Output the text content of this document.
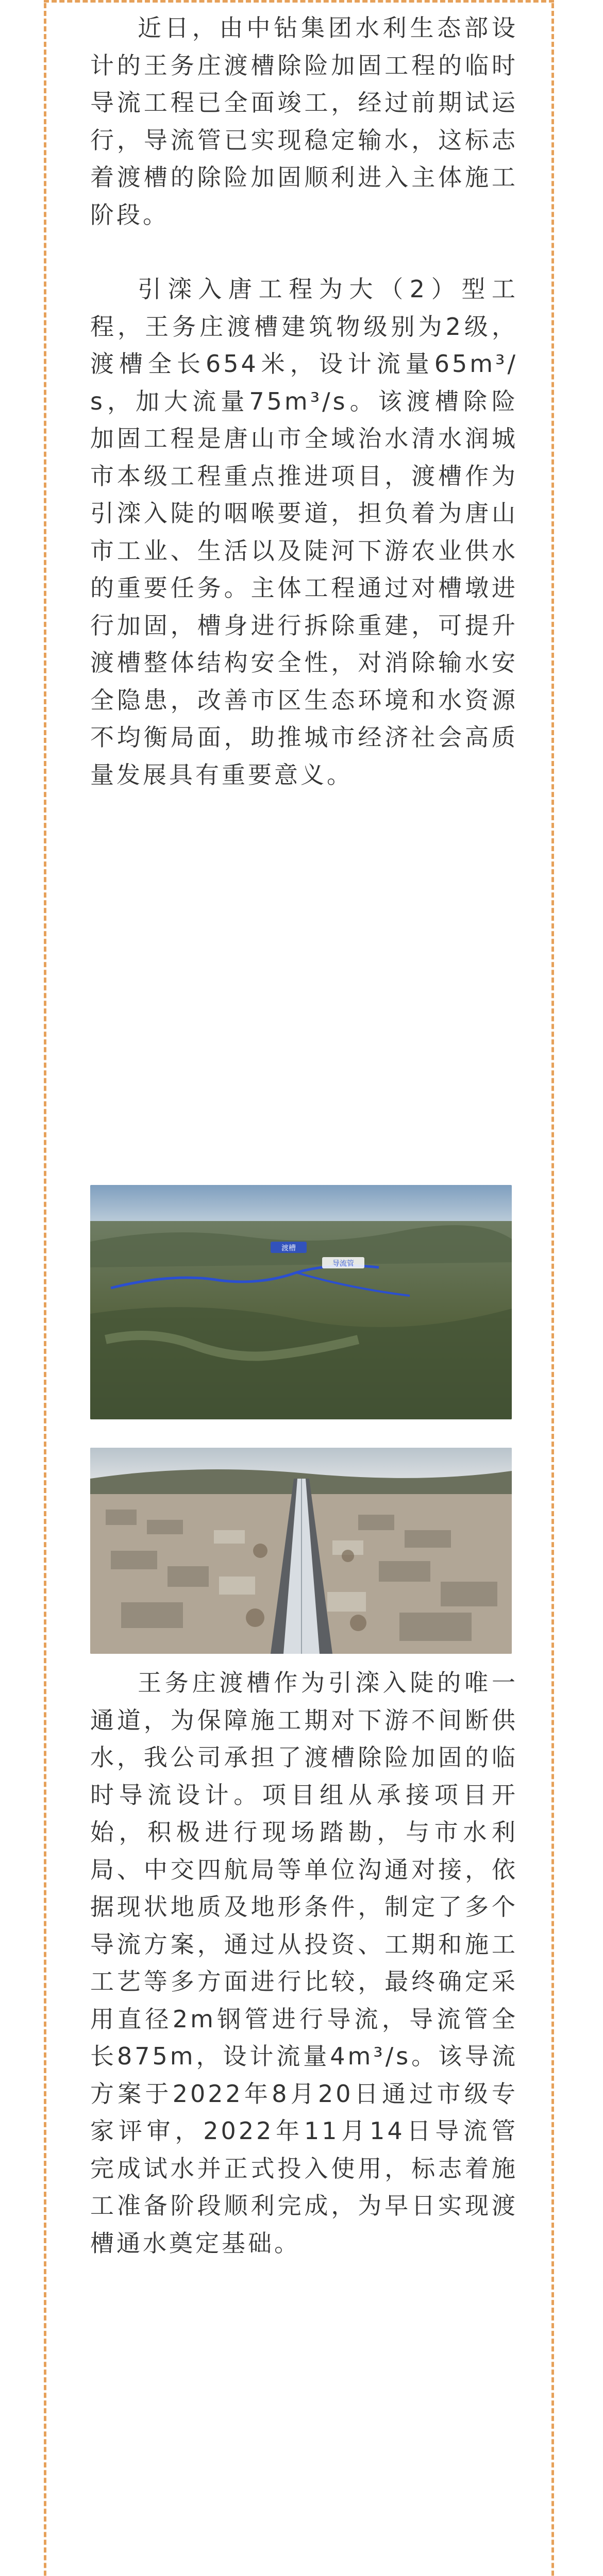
近日，由中钻集团水利生态部设计的王务庄渡槽除险加固工程的临时导流工程已全面竣工，经过前期试运行，导流管已实现稳定输水，这标志着渡槽的除险加固顺利进入主体施工阶段。

引滦入唐工程为大（2）型工程，王务庄渡槽建筑物级别为2级，渡槽全长654米，设计流量65m³/s，加大流量75m³/s。该渡槽除险加固工程是唐山市全域治水清水润城市本级工程重点推进项目，渡槽作为引滦入陡的咽喉要道，担负着为唐山市工业、生活以及陡河下游农业供水的重要任务。主体工程通过对槽墩进行加固，槽身进行拆除重建，可提升渡槽整体结构安全性，对消除输水安全隐患，改善市区生态环境和水资源不均衡局面，助推城市经济社会高质量发展具有重要意义。

渡槽
导流管

王务庄渡槽作为引滦入陡的唯一通道，为保障施工期对下游不间断供水，我公司承担了渡槽除险加固的临时导流设计。项目组从承接项目开始，积极进行现场踏勘，与市水利局、中交四航局等单位沟通对接，依据现状地质及地形条件，制定了多个导流方案，通过从投资、工期和施工工艺等多方面进行比较，最终确定采用直径2m钢管进行导流，导流管全长875m，设计流量4m³/s。该导流方案于2022年8月20日通过市级专家评审，2022年11月14日导流管完成试水并正式投入使用，标志着施工准备阶段顺利完成，为早日实现渡槽通水奠定基础。
